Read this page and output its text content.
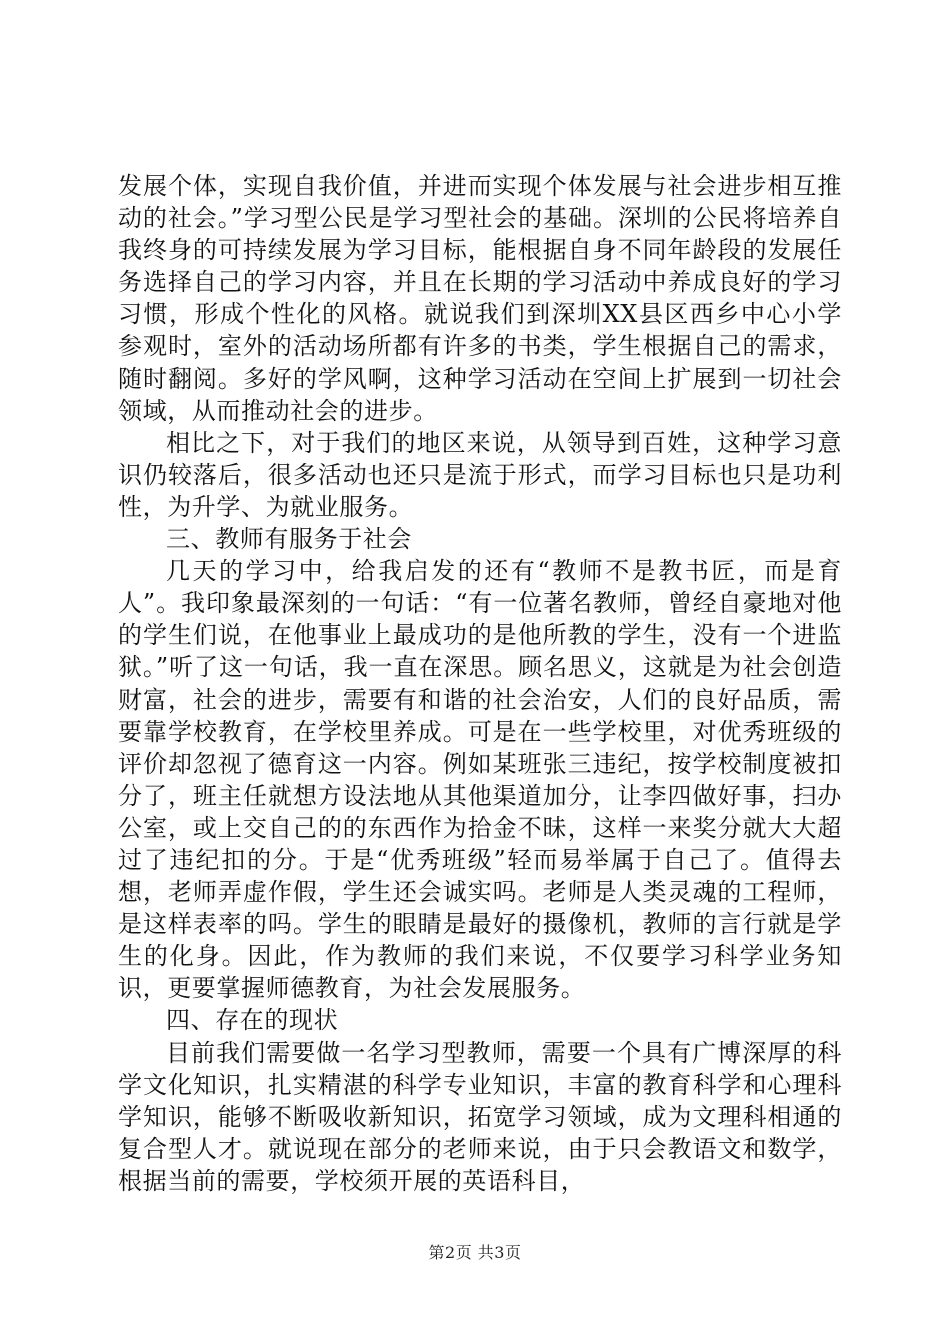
发展个体，实现自我价值，并进而实现个体发展与社会进步相互推动的社会。”学习型公民是学习型社会的基础。深圳的公民将培养自我终身的可持续发展为学习目标，能根据自身不同年龄段的发展任务选择自己的学习内容，并且在长期的学习活动中养成良好的学习习惯，形成个性化的风格。就说我们到深圳XX县区西乡中心小学参观时，室外的活动场所都有许多的书类，学生根据自己的需求，随时翻阅。多好的学风啊，这种学习活动在空间上扩展到一切社会领域，从而推动社会的进步。

相比之下，对于我们的地区来说，从领导到百姓，这种学习意识仍较落后，很多活动也还只是流于形式，而学习目标也只是功利性，为升学、为就业服务。

三、教师有服务于社会

几天的学习中，给我启发的还有“教师不是教书匠，而是育人”。我印象最深刻的一句话：“有一位著名教师，曾经自豪地对他的学生们说，在他事业上最成功的是他所教的学生，没有一个进监狱。”听了这一句话，我一直在深思。顾名思义，这就是为社会创造财富，社会的进步，需要有和谐的社会治安，人们的良好品质，需要靠学校教育，在学校里养成。可是在一些学校里，对优秀班级的评价却忽视了德育这一内容。例如某班张三违纪，按学校制度被扣分了，班主任就想方设法地从其他渠道加分，让李四做好事，扫办公室，或上交自己的的东西作为拾金不昧，这样一来奖分就大大超过了违纪扣的分。于是“优秀班级”轻而易举属于自己了。值得去想，老师弄虚作假，学生还会诚实吗。老师是人类灵魂的工程师，是这样表率的吗。学生的眼睛是最好的摄像机，教师的言行就是学生的化身。因此，作为教师的我们来说，不仅要学习科学业务知识，更要掌握师德教育，为社会发展服务。

四、存在的现状

目前我们需要做一名学习型教师，需要一个具有广博深厚的科学文化知识，扎实精湛的科学专业知识，丰富的教育科学和心理科学知识，能够不断吸收新知识，拓宽学习领域，成为文理科相通的复合型人才。就说现在部分的老师来说，由于只会教语文和数学，根据当前的需要，学校须开展的英语科目，

第2页 共3页
